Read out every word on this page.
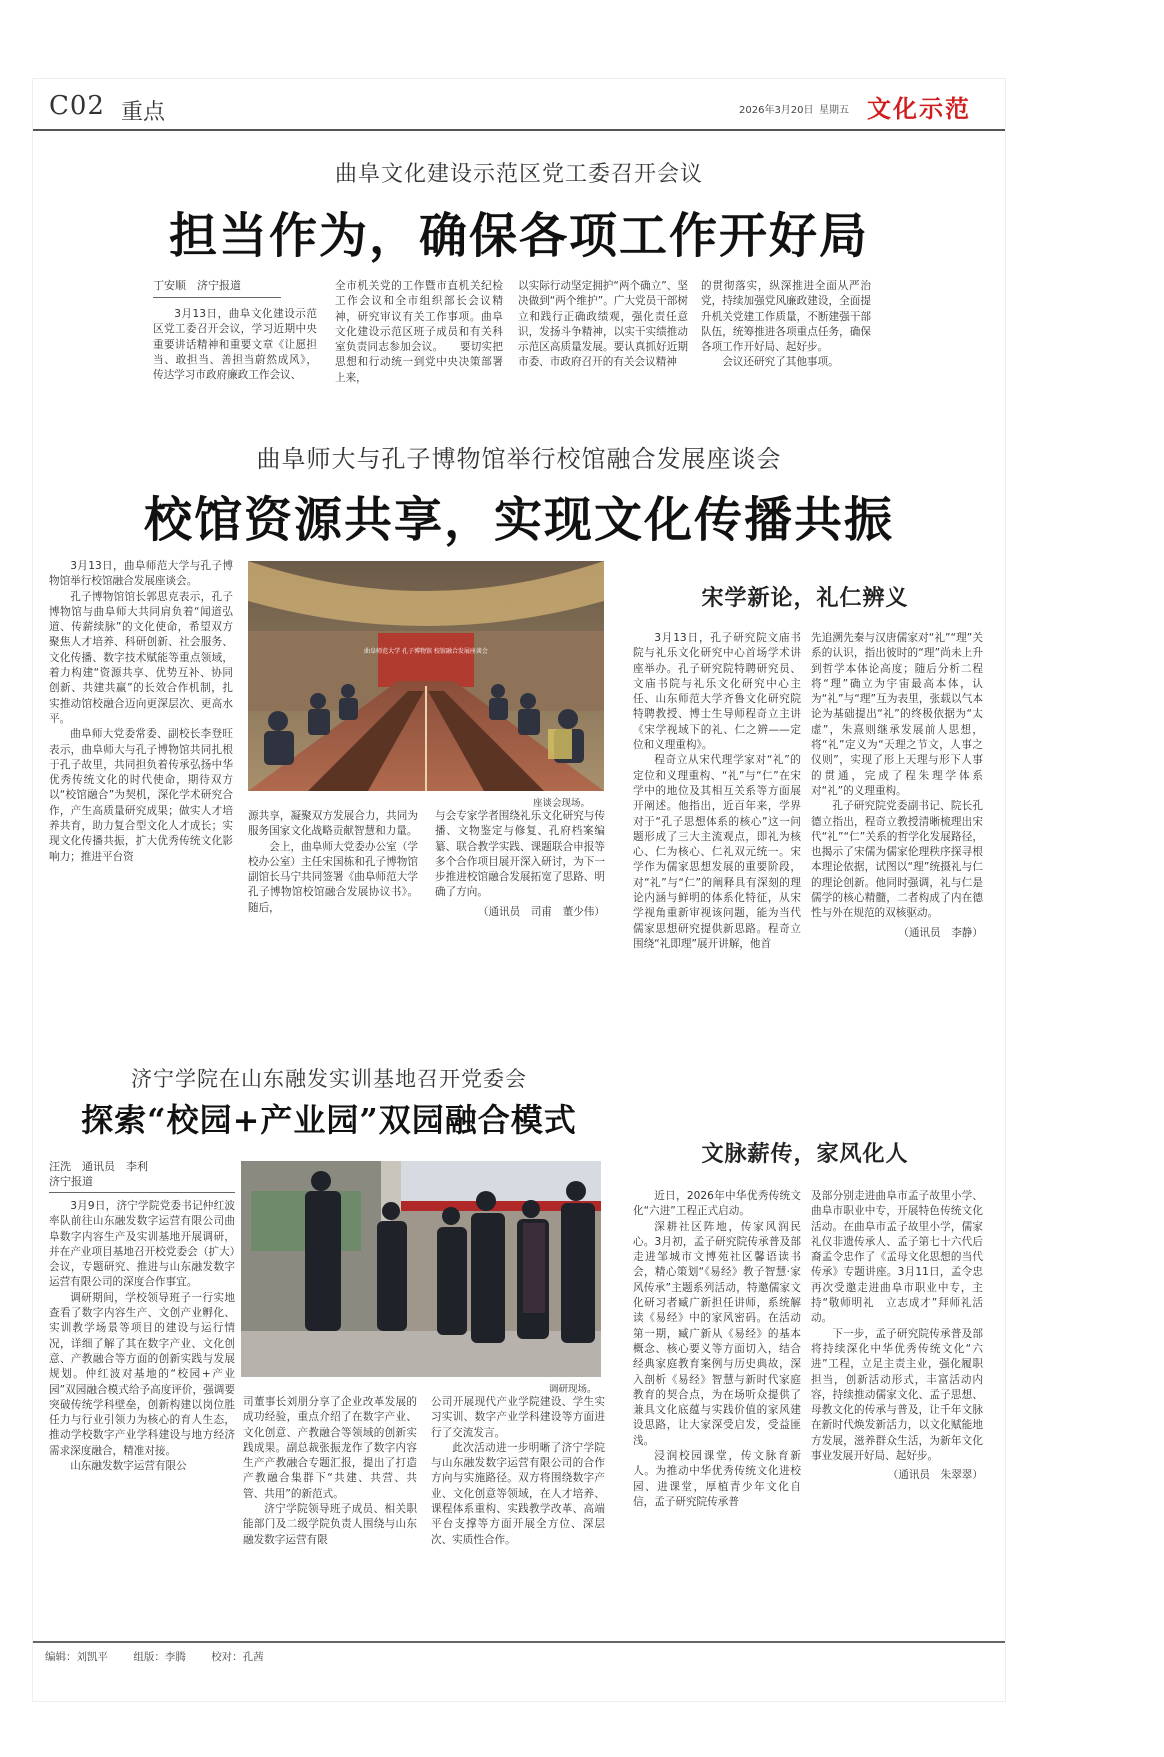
C02 重点	2026年3月20日 星期五 文化示范
曲阜文化建设示范区党工委召开会议
担当作为，确保各项工作开好局
丁安顺　济宁报道

3月13日，曲阜文化建设示范区党工委召开会议，学习近期中央重要讲话精神和重要文章《让愿担当、敢担当、善担当蔚然成风》，传达学习市政府廉政工作会议、

全市机关党的工作暨市直机关纪检工作会议和全市组织部长会议精神，研究审议有关工作事项。曲阜文化建设示范区班子成员和有关科室负责同志参加会议。　　要切实把思想和行动统一到党中央决策部署上来，

以实际行动坚定拥护“两个确立”、坚决做到“两个维护”。广大党员干部树立和践行正确政绩观，强化责任意识，发扬斗争精神，以实干实绩推动示范区高质量发展。要认真抓好近期市委、市政府召开的有关会议精神

的贯彻落实，纵深推进全面从严治党，持续加强党风廉政建设，全面提升机关党建工作质量，不断建强干部队伍，统筹推进各项重点任务，确保各项工作开好局、起好步。

会议还研究了其他事项。

曲阜师大与孔子博物馆举行校馆融合发展座谈会
校馆资源共享，实现文化传播共振

3月13日，曲阜师范大学与孔子博物馆举行校馆融合发展座谈会。

孔子博物馆馆长郭思克表示，孔子博物馆与曲阜师大共同肩负着“闻道弘道、传薪续脉”的文化使命，希望双方聚焦人才培养、科研创新、社会服务、文化传播、数字技术赋能等重点领域，着力构建“资源共享、优势互补、协同创新、共建共赢”的长效合作机制，扎实推动馆校融合迈向更深层次、更高水平。

曲阜师大党委常委、副校长李登旺表示，曲阜师大与孔子博物馆共同扎根于孔子故里，共同担负着传承弘扬中华优秀传统文化的时代使命，期待双方以“校馆融合”为契机，深化学术研究合作，产生高质量研究成果；做实人才培养共育，助力复合型文化人才成长；实现文化传播共振，扩大优秀传统文化影响力；推进平台资

曲阜师范大学 孔子博物馆 校馆融合发展座谈会
座谈会现场。

源共享，凝聚双方发展合力，共同为服务国家文化战略贡献智慧和力量。

会上，曲阜师大党委办公室（学校办公室）主任宋国栋和孔子博物馆副馆长马宁共同签署《曲阜师范大学孔子博物馆校馆融合发展协议书》。随后，

与会专家学者围绕礼乐文化研究与传播、文物鉴定与修复、孔府档案编纂、联合教学实践、课题联合申报等多个合作项目展开深入研讨，为下一步推进校馆融合发展拓宽了思路、明确了方向。

（通讯员　司甫　董少伟）

宋学新论，礼仁辨义

3月13日，孔子研究院文庙书院与礼乐文化研究中心首场学术讲座举办。孔子研究院特聘研究员、文庙书院与礼乐文化研究中心主任、山东师范大学齐鲁文化研究院特聘教授、博士生导师程奇立主讲《宋学视域下的礼、仁之辨——定位和义理重构》。

程奇立从宋代理学家对“礼”的定位和义理重构、“礼”与“仁”在宋学中的地位及其相互关系等方面展开阐述。他指出，近百年来，学界对于“孔子思想体系的核心”这一问题形成了三大主流观点，即礼为核心、仁为核心、仁礼双元统一。宋学作为儒家思想发展的重要阶段，对“礼”与“仁”的阐释具有深刻的理论内涵与鲜明的体系化特征，从宋学视角重新审视该问题，能为当代儒家思想研究提供新思路。程奇立围绕“礼即理”展开讲解，他首

先追溯先秦与汉唐儒家对“礼”“理”关系的认识，指出彼时的“理”尚未上升到哲学本体论高度；随后分析二程将“理”确立为宇宙最高本体，认为“礼”与“理”互为表里，张载以气本论为基础提出“礼”的终极依据为“太虚”，朱熹则继承发展前人思想，将“礼”定义为“天理之节文，人事之仪则”，实现了形上天理与形下人事的贯通，完成了程朱理学体系对“礼”的义理重构。

孔子研究院党委副书记、院长孔德立指出，程奇立教授清晰梳理出宋代“礼”“仁”关系的哲学化发展路径，也揭示了宋儒为儒家伦理秩序探寻根本理论依据，试图以“理”统摄礼与仁的理论创新。他同时强调，礼与仁是儒学的核心精髓，二者构成了内在德性与外在规范的双核驱动。

（通讯员　李静）

济宁学院在山东融发实训基地召开党委会
探索“校园+产业园”双园融合模式
汪洗　通讯员　李利
济宁报道

3月9日，济宁学院党委书记仲红波率队前往山东融发数字运营有限公司曲阜数字内容生产及实训基地开展调研，并在产业项目基地召开校党委会（扩大）会议，专题研究、推进与山东融发数字运营有限公司的深度合作事宜。

调研期间，学校领导班子一行实地查看了数字内容生产、文创产业孵化、实训教学场景等项目的建设与运行情况，详细了解了其在数字产业、文化创意、产教融合等方面的创新实践与发展规划。仲红波对基地的“校园+产业园”双园融合模式给予高度评价，强调要突破传统学科壁垒，创新构建以岗位胜任力与行业引领力为核心的育人生态，推动学校数字产业学科建设与地方经济需求深度融合，精准对接。

山东融发数字运营有限公

调研现场。

司董事长刘朋分享了企业改革发展的成功经验，重点介绍了在数字产业、文化创意、产教融合等领域的创新实践成果。副总裁张振龙作了数字内容生产产教融合专题汇报，提出了打造产教融合集群下“共建、共营、共管、共用”的新范式。

济宁学院领导班子成员、相关职能部门及二级学院负责人围绕与山东融发数字运营有限

公司开展现代产业学院建设、学生实习实训、数字产业学科建设等方面进行了交流发言。

此次活动进一步明晰了济宁学院与山东融发数字运营有限公司的合作方向与实施路径。双方将围绕数字产业、文化创意等领域，在人才培养、课程体系重构、实践教学改革、高端平台支撑等方面开展全方位、深层次、实质性合作。

文脉薪传，家风化人

近日，2026年中华优秀传统文化“六进”工程正式启动。

深耕社区阵地，传家风润民心。3月初，孟子研究院传承普及部走进邹城市文博苑社区馨语读书会，精心策划“《易经》教子智慧·家风传承”主题系列活动，特邀儒家文化研习者臧广新担任讲师，系统解读《易经》中的家风密码。在活动第一期，臧广新从《易经》的基本概念、核心要义等方面切入，结合经典家庭教育案例与历史典故，深入剖析《易经》智慧与新时代家庭教育的契合点，为在场听众提供了兼具文化底蕴与实践价值的家风建设思路，让大家深受启发，受益匪浅。

浸润校园课堂，传文脉育新人。为推动中华优秀传统文化进校园、进课堂，厚植青少年文化自信，孟子研究院传承普

及部分别走进曲阜市孟子故里小学、曲阜市职业中专，开展特色传统文化活动。在曲阜市孟子故里小学，儒家礼仪非遗传承人、孟子第七十六代后裔孟令忠作了《孟母文化思想的当代传承》专题讲座。3月11日，孟令忠再次受邀走进曲阜市职业中专，主持“敬师明礼　立志成才”拜师礼活动。

下一步，孟子研究院传承普及部将持续深化中华优秀传统文化“六进”工程，立足主责主业，强化履职担当，创新活动形式，丰富活动内容，持续推动儒家文化、孟子思想、母教文化的传承与普及，让千年文脉在新时代焕发新活力，以文化赋能地方发展，滋养群众生活，为新年文化事业发展开好局、起好步。

（通讯员　朱翠翠）

编辑：刘凯平 组版：李腾 校对：孔茜
